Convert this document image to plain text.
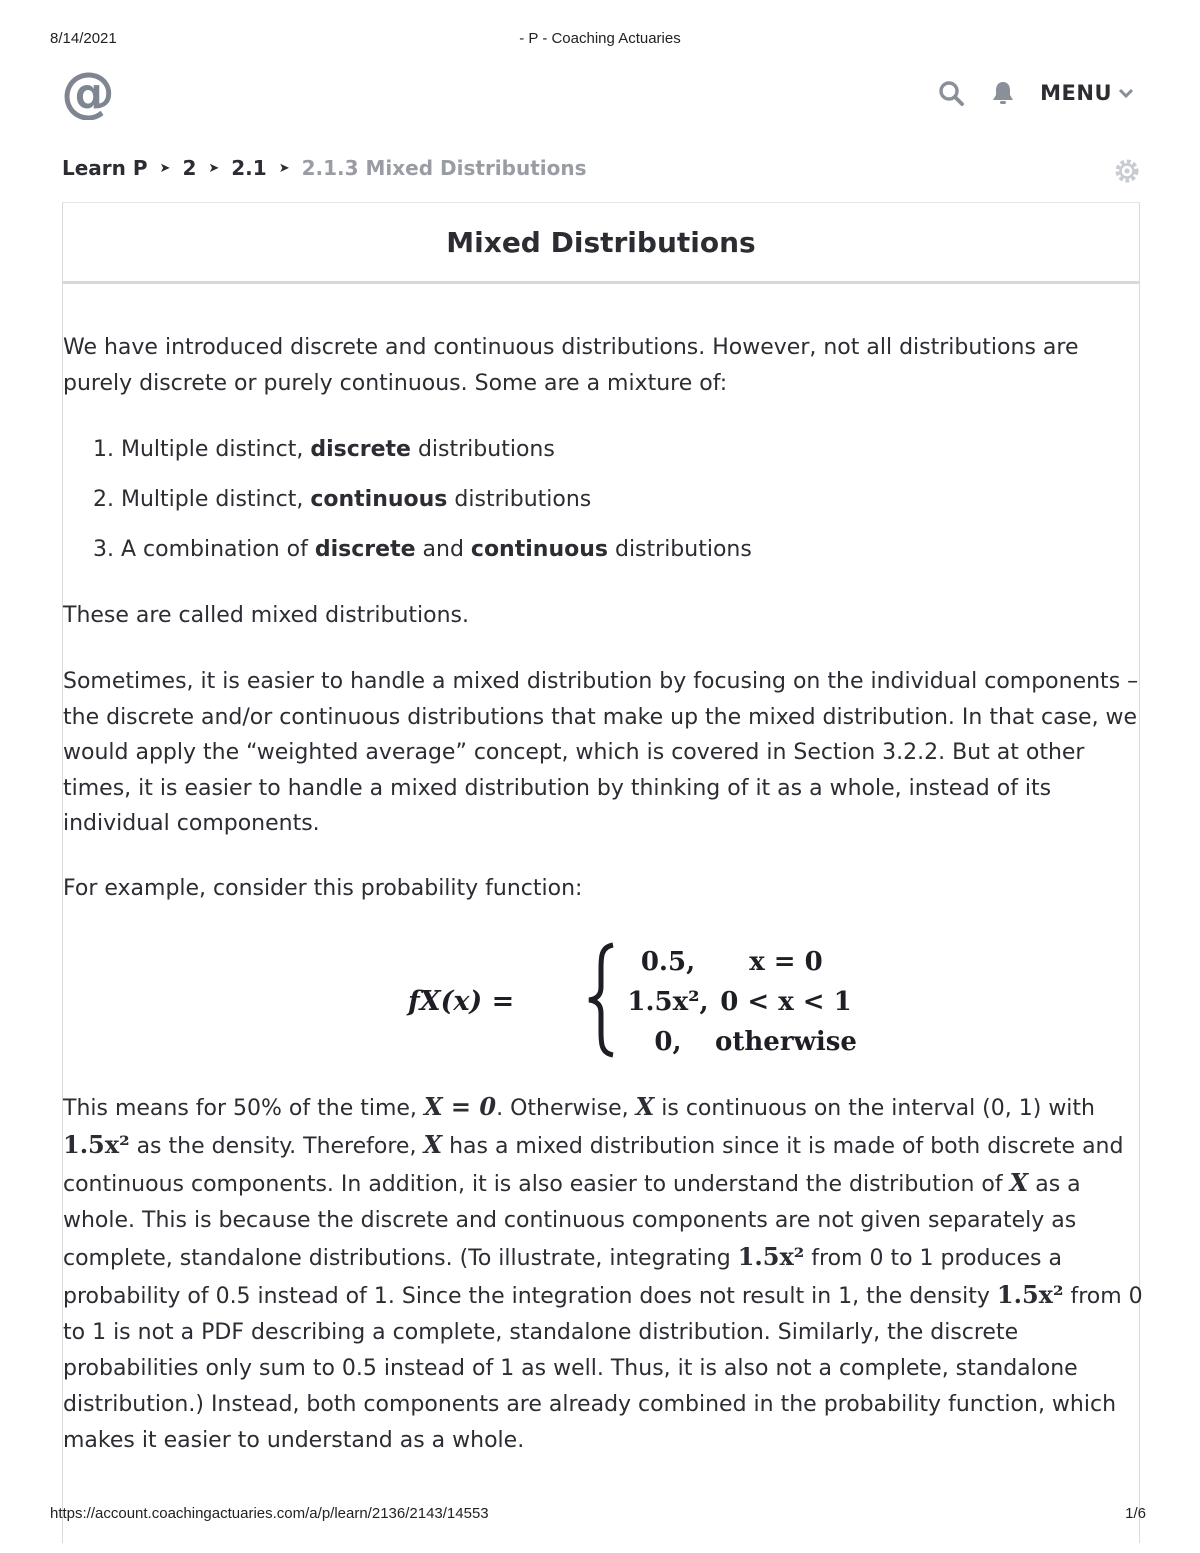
8/14/2021	- P - Coaching Actuaries
@	MENU
Learn P ➤ 2 ➤ 2.1 ➤ 2.1.3 Mixed Distributions
Mixed Distributions

We have introduced discrete and continuous distributions. However, not all distributions are purely discrete or purely continuous. Some are a mixture of:

1. Multiple distinct, discrete distributions
2. Multiple distinct, continuous distributions
3. A combination of discrete and continuous distributions

These are called mixed distributions.

Sometimes, it is easier to handle a mixed distribution by focusing on the individual components – the discrete and/or continuous distributions that make up the mixed distribution. In that case, we would apply the “weighted average” concept, which is covered in Section 3.2.2. But at other times, it is easier to handle a mixed distribution by thinking of it as a whole, instead of its individual components.

For example, consider this probability function:

fX(x) =
0.5, x = 0
1.5x², 0 < x < 1
0, otherwise

This means for 50% of the time, X = 0. Otherwise, X is continuous on the interval (0, 1) with 1.5x² as the density. Therefore, X has a mixed distribution since it is made of both discrete and continuous components. In addition, it is also easier to understand the distribution of X as a whole. This is because the discrete and continuous components are not given separately as complete, standalone distributions. (To illustrate, integrating 1.5x² from 0 to 1 produces a probability of 0.5 instead of 1. Since the integration does not result in 1, the density 1.5x² from 0 to 1 is not a PDF describing a complete, standalone distribution. Similarly, the discrete probabilities only sum to 0.5 instead of 1 as well. Thus, it is also not a complete, standalone distribution.) Instead, both components are already combined in the probability function, which makes it easier to understand as a whole.

https://account.coachingactuaries.com/a/p/learn/2136/2143/14553	1/6
